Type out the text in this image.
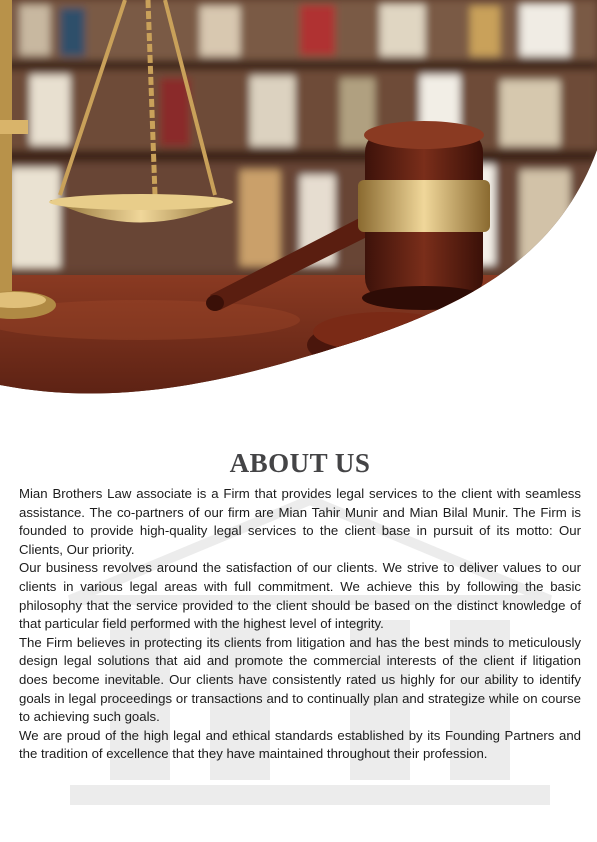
ABOUT US

Mian Brothers Law associate is a Firm that provides legal services to the client with seamless assistance. The co-partners of our firm are Mian Tahir Munir and Mian Bilal Munir. The Firm is founded to provide high-quality legal services to the client base in pursuit of its motto: Our Clients, Our priority.

Our business revolves around the satisfaction of our clients. We strive to deliver values to our clients in various legal areas with full commitment. We achieve this by following the basic philosophy that the service provided to the client should be based on the distinct knowledge of that particular field performed with the highest level of integrity.

The Firm believes in protecting its clients from litigation and has the best minds to meticulously design legal solutions that aid and promote the commercial interests of the client if litigation does become inevitable. Our clients have consistently rated us highly for our ability to identify goals in legal proceedings or transactions and to continually plan and strategize while on course to achieving such goals.

We are proud of the high legal and ethical standards established by its Founding Partners and the tradition of excellence that they have maintained throughout their profession.
